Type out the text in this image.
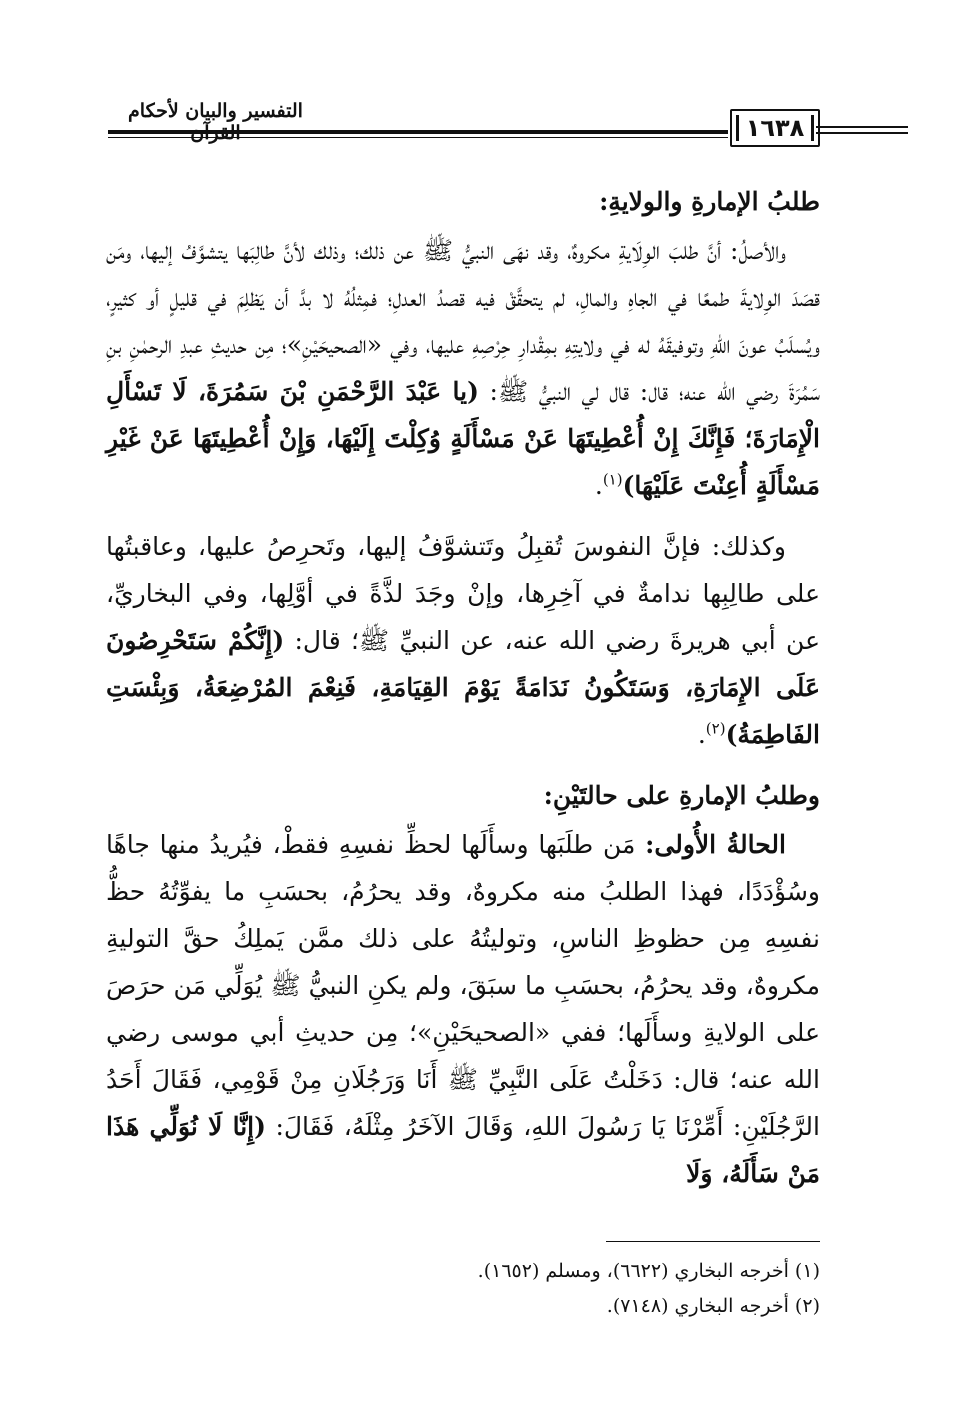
التفسير والبيان لأحكام
١٦٣٨

طلبُ الإمارةِ والولايةِ:

والأصلُ: أنَّ طلبَ الوِلَايةِ مكروهٌ، وقد نهَى النبيُّ ﷺ عن ذلك؛ وذلك لأنَّ طالِبَها يتشوَّفُ إليها، ومَن قصَدَ الوِلايةَ طمعًا في الجاهِ والمالِ، لم يتحقَّقْ فيه قصدُ العدلِ؛ فمِثلُهُ لا بدَّ أن يَظلِمَ في قليلٍ أو كثيرٍ، ويُسلَبُ عونَ اللهِ وتوفيقَهُ له في ولايتِهِ بمِقْدارِ حِرْصِهِ عليها، وفي «الصحيحَيْنِ»؛ مِن حديثِ عبدِ الرحمٰنِ بنِ سَمُرَةَ رضي الله عنه؛ قال: قال لي النبيُّ ﷺ: (يا عَبْدَ الرَّحْمَنِ بْنَ سَمُرَةَ، لَا تَسْأَلِ الْإِمَارَةَ؛ فَإِنَّكَ إِنْ أُعْطِيتَهَا عَنْ مَسْأَلَةٍ وُكِلْتَ إِلَيْهَا، وَإِنْ أُعْطِيتَهَا عَنْ غَيْرِ مَسْأَلَةٍ أُعِنْتَ عَلَيْهَا)$^{(١)}$.

وكذلك: فإنَّ النفوسَ تُقبِلُ وتَتشوَّفُ إليها، وتَحرِصُ عليها، وعاقبتُها على طالِبِها ندامةٌ في آخِرِها، وإنْ وجَدَ لذَّةً في أوَّلِها، وفي البخاريِّ، عن أبي هريرةَ رضي الله عنه، عن النبيِّ ﷺ؛ قال: (إِنَّكُمْ سَتَحْرِصُونَ عَلَى الإِمَارَةِ، وَسَتَكُونُ نَدَامَةً يَوْمَ القِيَامَةِ، فَنِعْمَ المُرْضِعَةُ، وَبِئْسَتِ الفَاطِمَةُ)$^{(٢)}$.

وطلبُ الإمارةِ على حالتَيْنِ:

الحالةُ الأُولى: مَن طلَبَها وسأَلَها لحظِّ نفسِهِ فقطْ، فيُريدُ منها جاهًا وسُؤْدَدًا، فهذا الطلبُ منه مكروهٌ، وقد يحرُمُ، بحسَبِ ما يفوِّتُهُ حظُّ نفسِهِ مِن حظوظِ الناسِ، وتوليتُهُ على ذلك ممَّن يَملِكُ حقَّ التوليةِ مكروهٌ، وقد يحرُمُ، بحسَبِ ما سبَقَ، ولم يكنِ النبيُّ ﷺ يُوَلِّي مَن حرَصَ على الولايةِ وسأَلَها؛ ففي «الصحيحَيْنِ»؛ مِن حديثِ أبي موسى رضي الله عنه؛ قال: دَخَلْتُ عَلَى النَّبِيِّ ﷺ أَنَا وَرَجُلَانِ مِنْ قَوْمِي، فَقَالَ أَحَدُ الرَّجُلَيْنِ: أَمِّرْنَا يَا رَسُولَ اللهِ، وَقَالَ الآخَرُ مِثْلَهُ، فَقَالَ: (إِنَّا لَا نُوَلِّي هَذَا مَنْ سَأَلَهُ، وَلَا

(١) أخرجه البخاري (٦٦٢٢)، ومسلم (١٦٥٢).

(٢) أخرجه البخاري (٧١٤٨).
